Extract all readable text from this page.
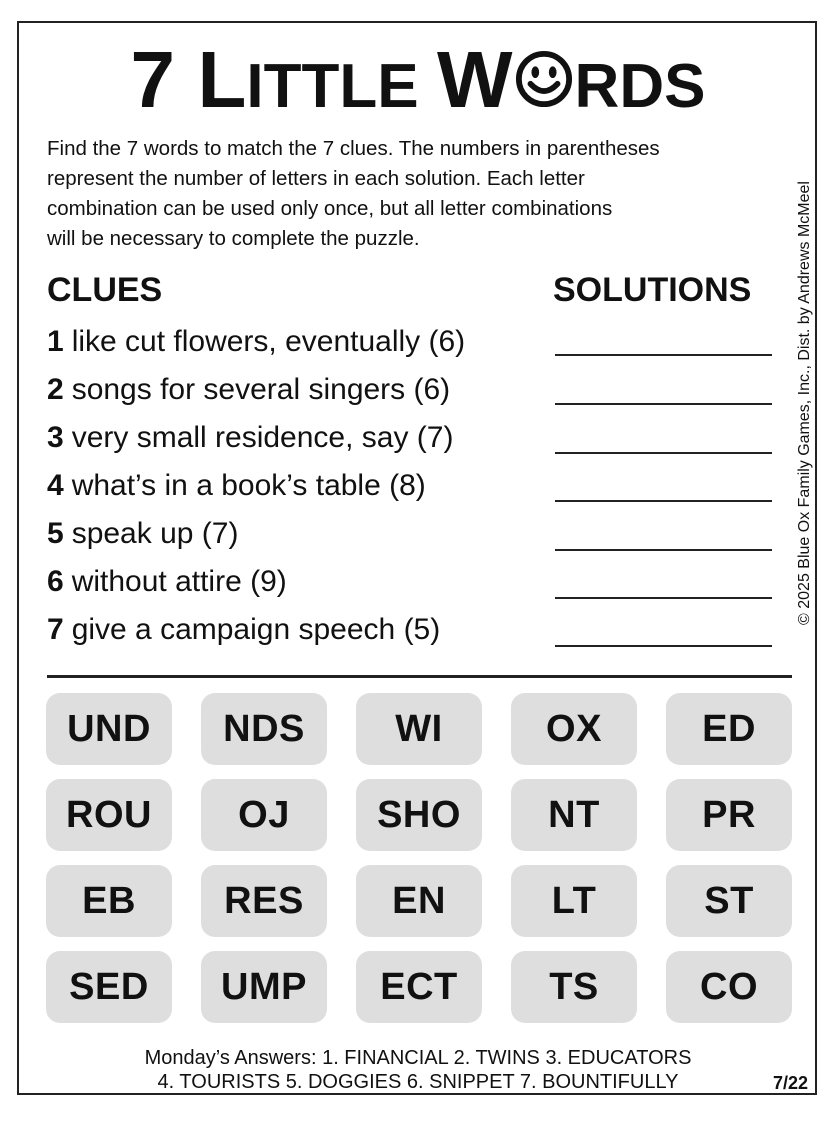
7 LITTLE W RDS
Find the 7 words to match the 7 clues. The numbers in parentheses
represent the number of letters in each solution. Each letter
combination can be used only once, but all letter combinations
will be necessary to complete the puzzle.	© 2025 Blue Ox Family Games, Inc., Dist. by Andrews McMeel
CLUES	SOLUTIONS
1 like cut flowers, eventually (6)
2 songs for several singers (6)
3 very small residence, say (7)
4 what’s in a book’s table (8)
5 speak up (7)
6 without attire (9)
7 give a campaign speech (5)
UND	NDS	WI	OX	ED
ROU	OJ	SHO	NT	PR
EB	RES	EN	LT	ST
SED	UMP	ECT	TS	CO
Monday’s Answers: 1. FINANCIAL 2. TWINS 3. EDUCATORS
4. TOURISTS 5. DOGGIES 6. SNIPPET 7. BOUNTIFULLY	7/22
